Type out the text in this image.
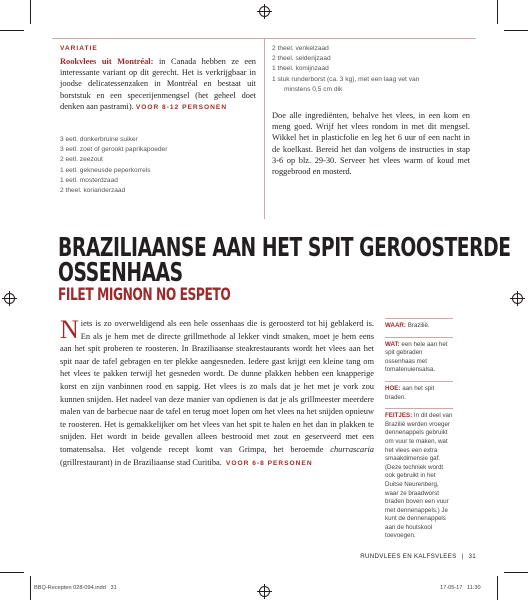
VARIATIE
Rookvlees uit Montréal: in Canada hebben ze een interessante variant op dit gerecht. Het is verkrijgbaar in joodse delicatessenzaken in Montréal en bestaat uit borststuk en een specerijenmengsel (het geheel doet denken aan pastrami). VOOR 8-12 PERSONEN
3 eetl. donkerbruine suiker
3 eetl. zoet of gerookt paprikapoeder
2 eetl. zeezout
1 eetl. gekneusde peperkorrels
1 eetl. mosterdzaad
2 theel. korianderzaad
2 theel. venkelzaad
2 theel. selderijzaad
1 theel. komijnzaad
1 stuk runderborst (ca. 3 kg), met een laag vet van
minstens 0,5 cm dik
Doe alle ingrediënten, behalve het vlees, in een kom en meng goed. Wrijf het vlees rondom in met dit mengsel. Wikkel het in plasticfolie en leg het 6 uur of een nacht in de koelkast. Bereid het dan volgens de instructies in stap 3-6 op blz. 29-30. Serveer het vlees warm of koud met roggebrood en mosterd.
BRAZILIAANSE AAN HET SPIT GEROOSTERDE
OSSENHAAS
FILET MIGNON NO ESPETO
N iets is zo overweldigend als een hele ossenhaas die is geroosterd tot hij geblakerd is. En als je hem met de directe grillmethode al lekker vindt smaken, moet je hem eens aan het spit proberen te roosteren. In Braziliaanse steakrestaurants wordt het vlees aan het spit naar de tafel gebragen en ter plekke aangesneden. Iedere gast krijgt een kleine tang om het vlees te pakken terwijl het gesneden wordt. De dunne plakken hebben een knapperige korst en zijn vanbinnen rood en sappig. Het vlees is zo mals dat je het met je vork zou kunnen snijden. Het nadeel van deze manier van opdienen is dat je als grillmeester meerdere malen van de barbecue naar de tafel en terug moet lopen om het vlees na het snijden opnieuw te roosteren. Het is gemakkelijker om het vlees van het spit te halen en het dan in plakken te snijden. Het wordt in beide gevallen alleen bestrooid met zout en geserveerd met een tomatensalsa. Het volgende recept komt van Grimpa, het beroemde churrascaria (grillrestaurant) in de Braziliaanse stad Curitiba. VOOR 6-8 PERSONEN

WAAR: Brazilië.
WAT: een hele aan het spit gebraden ossenhaas met tomatenuiensalsa.
HOE: aan het spit braden.
FEITJES: In dit deel van Brazilië werden vroeger dennenappels gebruikt om vuur te maken, wat het vlees een extra smaakdimensie gaf. (Deze techniek wordt ook gebruikt in het Duitse Neurenberg, waar ze braadworst braden boven een vuur met dennenappels.) Je kunt de dennenappels aan de houtskool toevoegen.
RUNDVLEES EN KALFSVLEES | 31
BBQ-Recepten 028-094.indd   31	17-05-17   11:30
